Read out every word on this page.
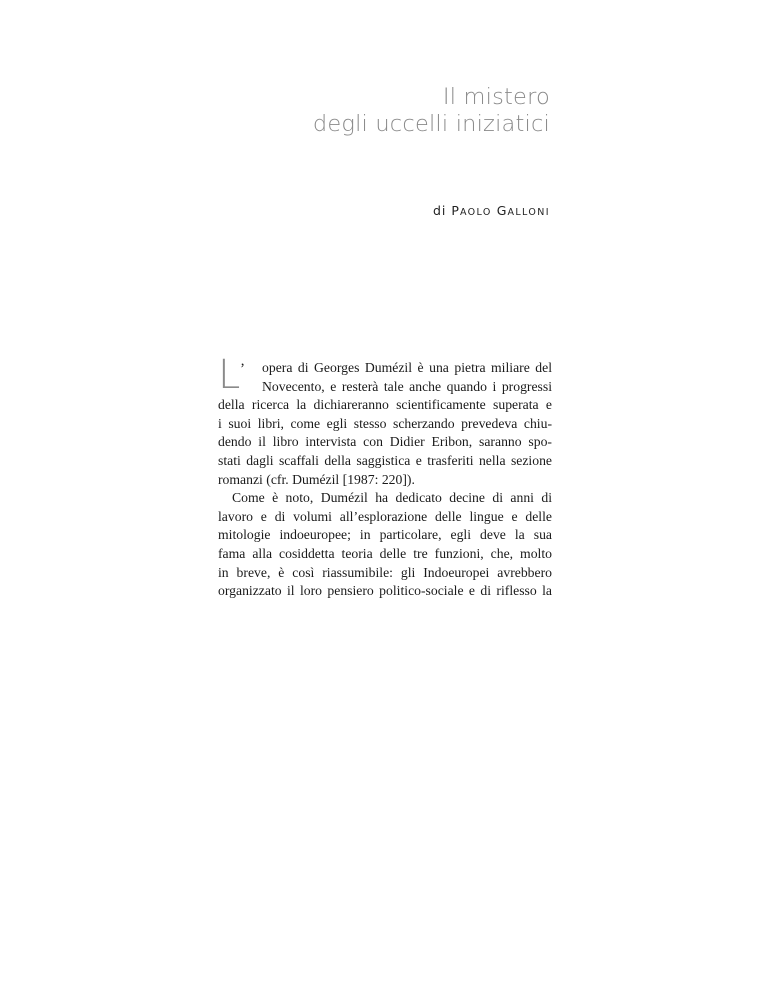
Il mistero
degli uccelli iniziatici
di PAOLO GALLONI
L ’	opera di Georges Dumézil è una pietra miliare del
Novecento, e resterà tale anche quando i progressi
della ricerca la dichiareranno scientificamente superata e
i suoi libri, come egli stesso scherzando prevedeva chiu-
dendo il libro intervista con Didier Eribon, saranno spo-
stati dagli scaffali della saggistica e trasferiti nella sezione
romanzi (cfr. Dumézil [1987: 220]).
Come è noto, Dumézil ha dedicato decine di anni di
lavoro e di volumi all’esplorazione delle lingue e delle
mitologie indoeuropee; in particolare, egli deve la sua
fama alla cosiddetta teoria delle tre funzioni, che, molto
in breve, è così riassumibile: gli Indoeuropei avrebbero
organizzato il loro pensiero politico-sociale e di riflesso la
